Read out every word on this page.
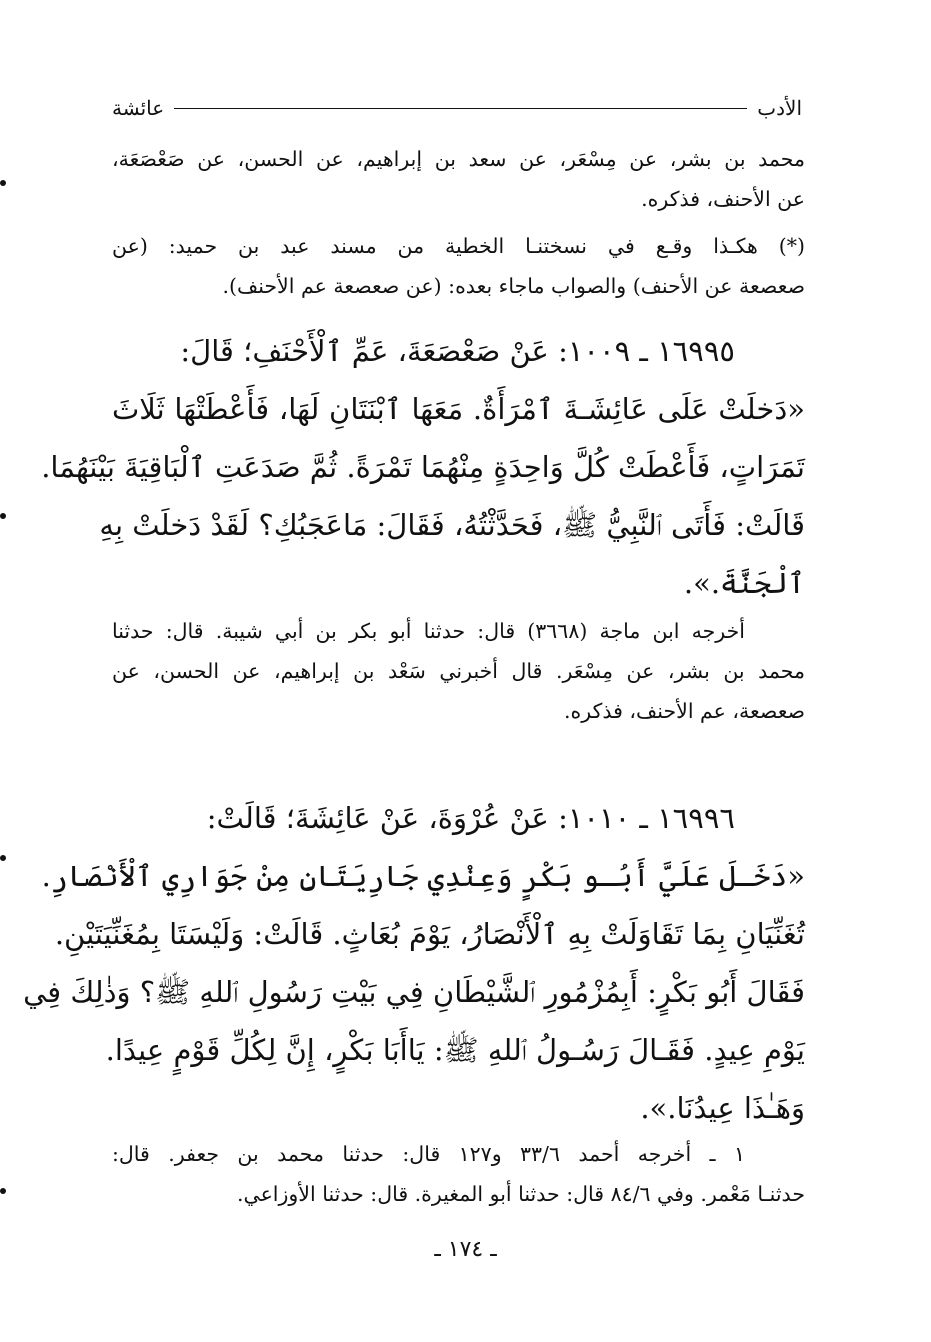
الأدب
عائشة
محمد بن بشر، عن مِسْعَر، عن سعد بن إبراهيم، عن الحسن، عن صَعْصَعَة،
عن الأحنف، فذكره.
(*) هكـذا وقـع في نسختنـا الخطية من مسند عبد بن حميد: (عن
صعصعة عن الأحنف) والصواب ماجاء بعده: (عن صعصعة عم الأحنف).
١٦٩٩٥ ـ ١٠٠٩: عَنْ صَعْصَعَةَ، عَمِّ ٱلْأَحْنَفِ؛ قَالَ:
«دَخلَتْ عَلَى عَائِشَـةَ ٱمْرَأَةٌ. مَعَهَا ٱبْنَتَانِ لَهَا، فَأَعْطَتْهَا ثَلَاثَ
تَمَرَاتٍ، فَأَعْطَتْ كُلَّ وَاحِدَةٍ مِنْهُمَا تَمْرَةً. ثُمَّ صَدَعَتِ ٱلْبَاقِيَةَ بَيْنَهُمَا.
قَالَتْ: فَأَتَى ٱلنَّبِيُّ ﷺ، فَحَدَّثْتُهُ، فَقَالَ: مَاعَجَبُكِ؟ لَقَدْ دَخلَتْ بِهِ
ٱلْجَنَّةَ.».
أخرجه ابن ماجة (٣٦٦٨) قال: حدثنا أبو بكر بن أبي شيبة. قال: حدثنا
محمد بن بشر، عن مِسْعَر. قال أخبرني سَعْد بن إبراهيم، عن الحسن، عن
صعصعة، عم الأحنف، فذكره.
١٦٩٩٦ ـ ١٠١٠: عَنْ عُرْوَةَ، عَنْ عَائِشَةَ؛ قَالَتْ:
«دَخَـلَ عَلَيَّ أَبُـو بَكْرٍ وَعِنْدِي جَارِيَتَانِ مِنْ جَوَارِي ٱلْأَنْصَارِ.
تُغَنِّيَانِ بِمَا تَقَاوَلَتْ بِهِ ٱلْأَنْصَارُ، يَوْمَ بُعَاثٍ. قَالَتْ: وَلَيْسَتَا بِمُغَنِّيَتَيْنِ.
فَقَالَ أَبُو بَكْرٍ: أَبِمُزْمُورِ ٱلشَّيْطَانِ فِي بَيْتِ رَسُولِ ٱللهِ ﷺ؟ وَذٰلِكَ فِي
يَوْمِ عِيدٍ. فَقَـالَ رَسُـولُ ٱللهِ ﷺ: يَاأَبَا بَكْرٍ، إِنَّ لِكُلِّ قَوْمٍ عِيدًا.
وَهَـٰذَا عِيدُنَا.».
١ ـ أخرجه أحمد ٣٣/٦ و١٢٧ قال: حدثنا محمد بن جعفر. قال:
حدثنـا مَعْمر. وفي ٨٤/٦ قال: حدثنا أبو المغيرة. قال: حدثنا الأوزاعي.
ـ ١٧٤ ـ
